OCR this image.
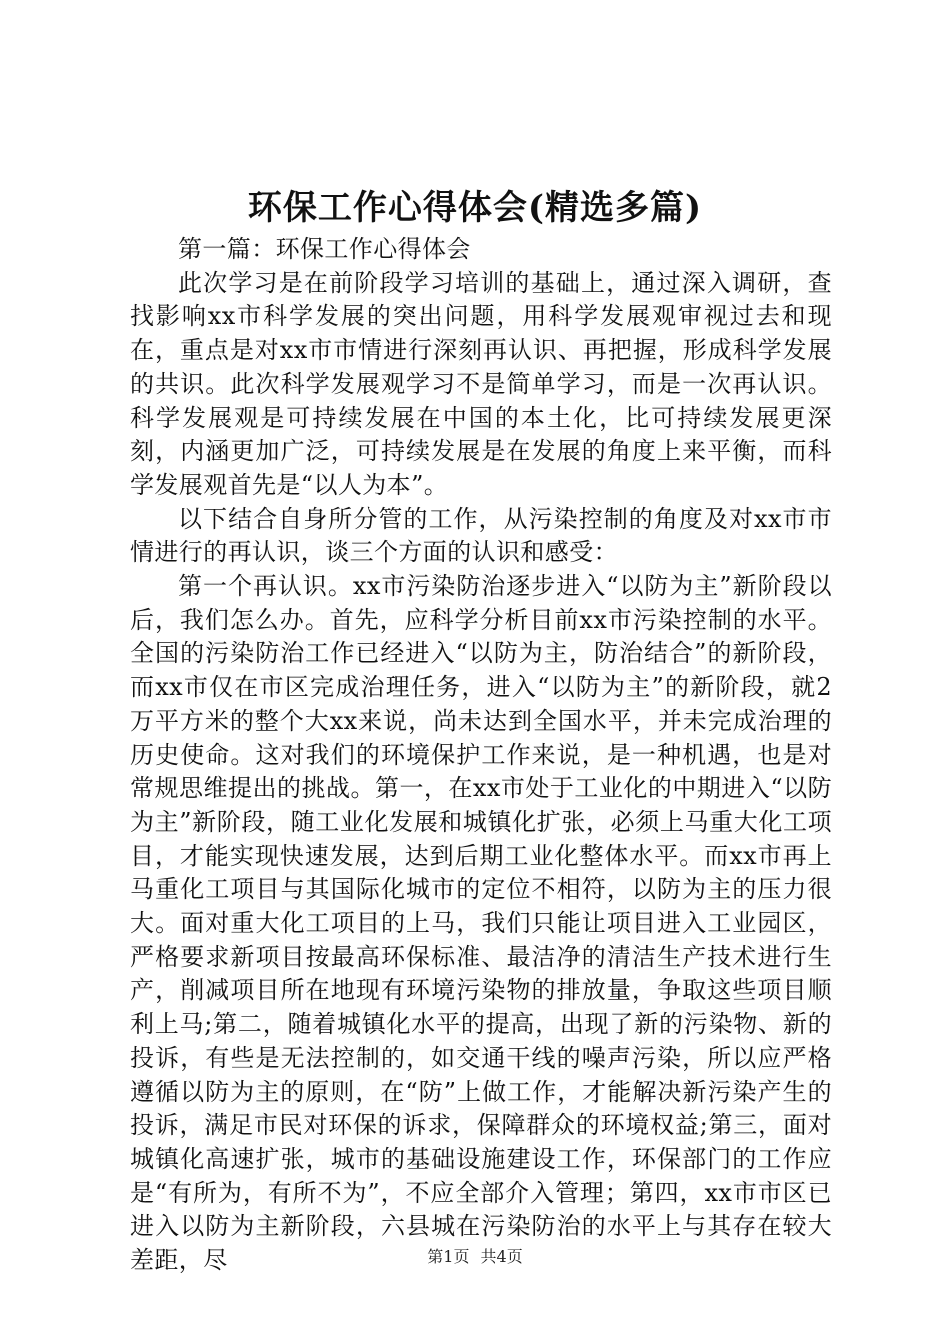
环保工作心得体会(精选多篇)

第一篇：环保工作心得体会

此次学习是在前阶段学习培训的基础上，通过深入调研，查找影响xx市科学发展的突出问题，用科学发展观审视过去和现在，重点是对xx市市情进行深刻再认识、再把握，形成科学发展的共识。此次科学发展观学习不是简单学习，而是一次再认识。科学发展观是可持续发展在中国的本土化，比可持续发展更深刻，内涵更加广泛，可持续发展是在发展的角度上来平衡，而科学发展观首先是“以人为本”。

以下结合自身所分管的工作，从污染控制的角度及对xx市市情进行的再认识，谈三个方面的认识和感受：

第一个再认识。xx市污染防治逐步进入“以防为主”新阶段以后，我们怎么办。首先，应科学分析目前xx市污染控制的水平。全国的污染防治工作已经进入“以防为主，防治结合”的新阶段，而xx市仅在市区完成治理任务，进入“以防为主”的新阶段，就2万平方米的整个大xx来说，尚未达到全国水平，并未完成治理的历史使命。这对我们的环境保护工作来说，是一种机遇，也是对常规思维提出的挑战。第一，在xx市处于工业化的中期进入“以防为主”新阶段，随工业化发展和城镇化扩张，必须上马重大化工项目，才能实现快速发展，达到后期工业化整体水平。而xx市再上马重化工项目与其国际化城市的定位不相符，以防为主的压力很大。面对重大化工项目的上马，我们只能让项目进入工业园区，严格要求新项目按最高环保标准、最洁净的清洁生产技术进行生产，削减项目所在地现有环境污染物的排放量，争取这些项目顺利上马;第二，随着城镇化水平的提高，出现了新的污染物、新的投诉，有些是无法控制的，如交通干线的噪声污染，所以应严格遵循以防为主的原则，在“防”上做工作，才能解决新污染产生的投诉，满足市民对环保的诉求，保障群众的环境权益;第三，面对城镇化高速扩张，城市的基础设施建设工作，环保部门的工作应是“有所为，有所不为”，不应全部介入管理；第四，xx市市区已进入以防为主新阶段，六县城在污染防治的水平上与其存在较大差距，尽	第1页 共4页
